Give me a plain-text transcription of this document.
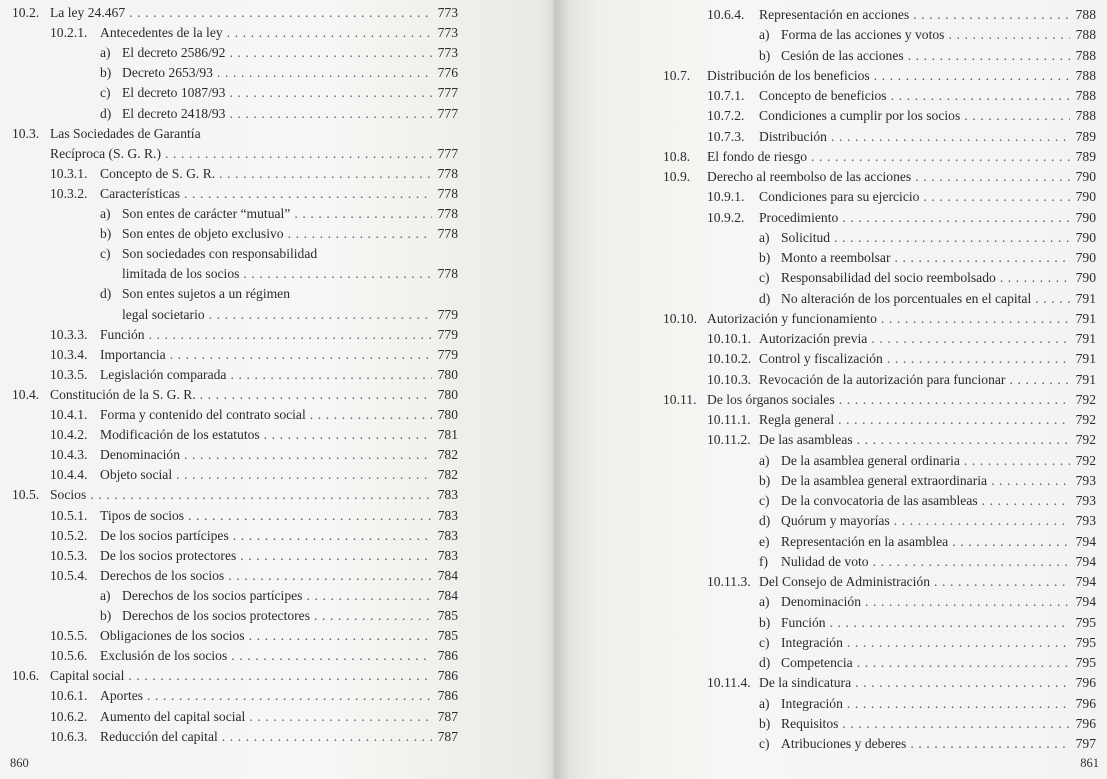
10.2. La ley 24.467 . . .	773
10.2.1. Antecedentes de la ley . . .	773
a) El decreto 2586/92 . . .	773
b) Decreto 2653/93 . . .	776
c) El decreto 1087/93 . . .	777
d) El decreto 2418/93 . . .	777
10.3. Las Sociedades de Garantía
Recíproca (S. G. R.) . . .	777
10.3.1. Concepto de S. G. R. . . .	778
10.3.2. Características . . .	778
a) Son entes de carácter “mutual” . . .	778
b) Son entes de objeto exclusivo . . .	778
c) Son sociedades con responsabilidad
limitada de los socios . . .	778
d) Son entes sujetos a un régimen
legal societario . . .	779
10.3.3. Función . . .	779
10.3.4. Importancia . . .	779
10.3.5. Legislación comparada . . .	780
10.4. Constitución de la S. G. R. . . .	780
10.4.1. Forma y contenido del contrato social . . .	780
10.4.2. Modificación de los estatutos . . .	781
10.4.3. Denominación . . .	782
10.4.4. Objeto social . . .	782
10.5. Socios . . .	783
10.5.1. Tipos de socios . . .	783
10.5.2. De los socios partícipes . . .	783
10.5.3. De los socios protectores . . .	783
10.5.4. Derechos de los socios . . .	784
a) Derechos de los socios partícipes . . .	784
b) Derechos de los socios protectores . . .	785
10.5.5. Obligaciones de los socios . . .	785
10.5.6. Exclusión de los socios . . .	786
10.6. Capital social . . .	786
10.6.1. Aportes . . .	786
10.6.2. Aumento del capital social . . .	787
10.6.3. Reducción del capital . . .	787
860
10.6.4.	Representación en acciones . . .	788
a) Forma de las acciones y votos . . .	788
b) Cesión de las acciones . . .	788
10.7.	Distribución de los beneficios . . .	788
10.7.1.	Concepto de beneficios . . .	788
10.7.2.	Condiciones a cumplir por los socios . . .	788
10.7.3.	Distribución . . .	789
10.8.	El fondo de riesgo . . .	789
10.9.	Derecho al reembolso de las acciones . . .	790
10.9.1.	Condiciones para su ejercicio . . .	790
10.9.2.	Procedimiento . . .	790
a) Solicitud . . .	790
b) Monto a reembolsar . . .	790
c) Responsabilidad del socio reembolsado . . .	790
d) No alteración de los porcentuales en el capital . . .	791
10.10. Autorización y funcionamiento . . .	791
10.10.1. Autorización previa . . .	791
10.10.2. Control y fiscalización . . .	791
10.10.3. Revocación de la autorización para funcionar . . .	791
10.11. De los órganos sociales . . .	792
10.11.1. Regla general . . .	792
10.11.2. De las asambleas . . .	792
a) De la asamblea general ordinaria . . .	792
b) De la asamblea general extraordinaria . . .	793
c) De la convocatoria de las asambleas . . .	793
d) Quórum y mayorías . . .	793
e) Representación en la asamblea . . .	794
f) Nulidad de voto . . .	794
10.11.3. Del Consejo de Administración . . .	794
a) Denominación . . .	794
b) Función . . .	795
c) Integración . . .	795
d) Competencia . . .	795
10.11.4. De la sindicatura . . .	796
a) Integración . . .	796
b) Requisitos . . .	796
c) Atribuciones y deberes . . .	797
861
